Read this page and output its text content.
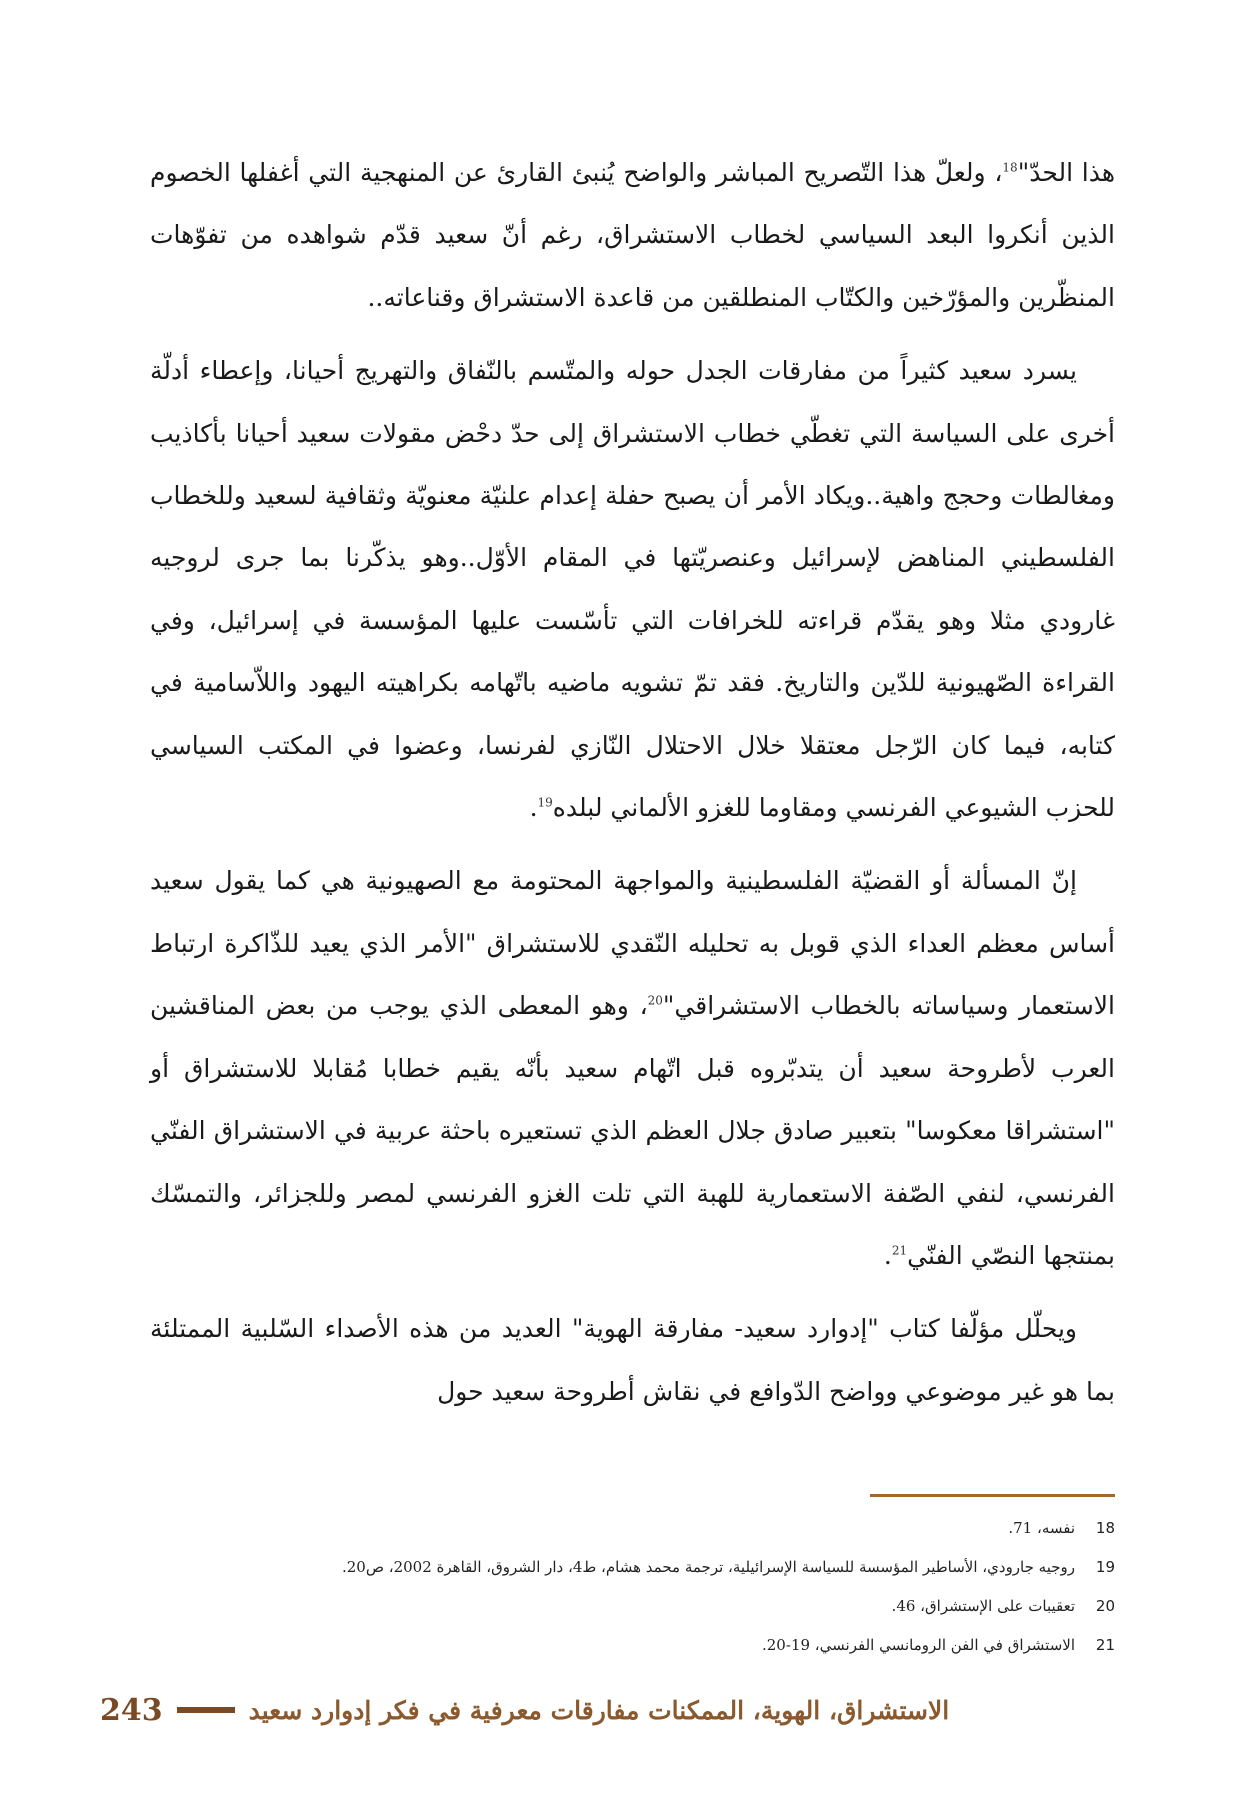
هذا الحدّ"$^{18}$، ولعلّ هذا التّصريح المباشر والواضح يُنبئ القارئ عن المنهجية التي أغفلها الخصوم الذين أنكروا البعد السياسي لخطاب الاستشراق، رغم أنّ سعيد قدّم شواهده من تفوّهات المنظّرين والمؤرّخين والكتّاب المنطلقين من قاعدة الاستشراق وقناعاته..

يسرد سعيد كثيراً من مفارقات الجدل حوله والمتّسم بالنّفاق والتهريج أحيانا، وإعطاء أدلّة أخرى على السياسة التي تغطّي خطاب الاستشراق إلى حدّ دحْض مقولات سعيد أحيانا بأكاذيب ومغالطات وحجج واهية..ويكاد الأمر أن يصبح حفلة إعدام علنيّة معنويّة وثقافية لسعيد وللخطاب الفلسطيني المناهض لإسرائيل وعنصريّتها في المقام الأوّل..وهو يذكّرنا بما جرى لروجيه غارودي مثلا وهو يقدّم قراءته للخرافات التي تأسّست عليها المؤسسة في إسرائيل، وفي القراءة الصّهيونية للدّين والتاريخ. فقد تمّ تشويه ماضيه باتّهامه بكراهيته اليهود واللاّسامية في كتابه، فيما كان الرّجل معتقلا خلال الاحتلال النّازي لفرنسا، وعضوا في المكتب السياسي للحزب الشيوعي الفرنسي ومقاوما للغزو الألماني لبلده$^{19}$.

إنّ المسألة أو القضيّة الفلسطينية والمواجهة المحتومة مع الصهيونية هي كما يقول سعيد أساس معظم العداء الذي قوبل به تحليله النّقدي للاستشراق "الأمر الذي يعيد للذّاكرة ارتباط الاستعمار وسياساته بالخطاب الاستشراقي"$^{20}$، وهو المعطى الذي يوجب من بعض المناقشين العرب لأطروحة سعيد أن يتدبّروه قبل اتّهام سعيد بأنّه يقيم خطابا مُقابلا للاستشراق أو "استشراقا معكوسا" بتعبير صادق جلال العظم الذي تستعيره باحثة عربية في الاستشراق الفنّي الفرنسي، لنفي الصّفة الاستعمارية للهبة التي تلت الغزو الفرنسي لمصر وللجزائر، والتمسّك بمنتجها النصّي الفنّي$^{21}$.

ويحلّل مؤلّفا كتاب "إدوارد سعيد- مفارقة الهوية" العديد من هذه الأصداء السّلبية الممتلئة بما هو غير موضوعي وواضح الدّوافع في نقاش أطروحة سعيد حول

18
نفسه، 71.
19
روجيه جارودي، الأساطير المؤسسة للسياسة الإسرائيلية، ترجمة محمد هشام، ط4، دار الشروق، القاهرة 2002، ص20.
20
تعقيبات على الإستشراق، 46.
21
الاستشراق في الفن الرومانسي الفرنسي، 19-20.
243	الاستشراق، الهوية، الممكنات مفارقات معرفية في فكر إدوارد سعيد
